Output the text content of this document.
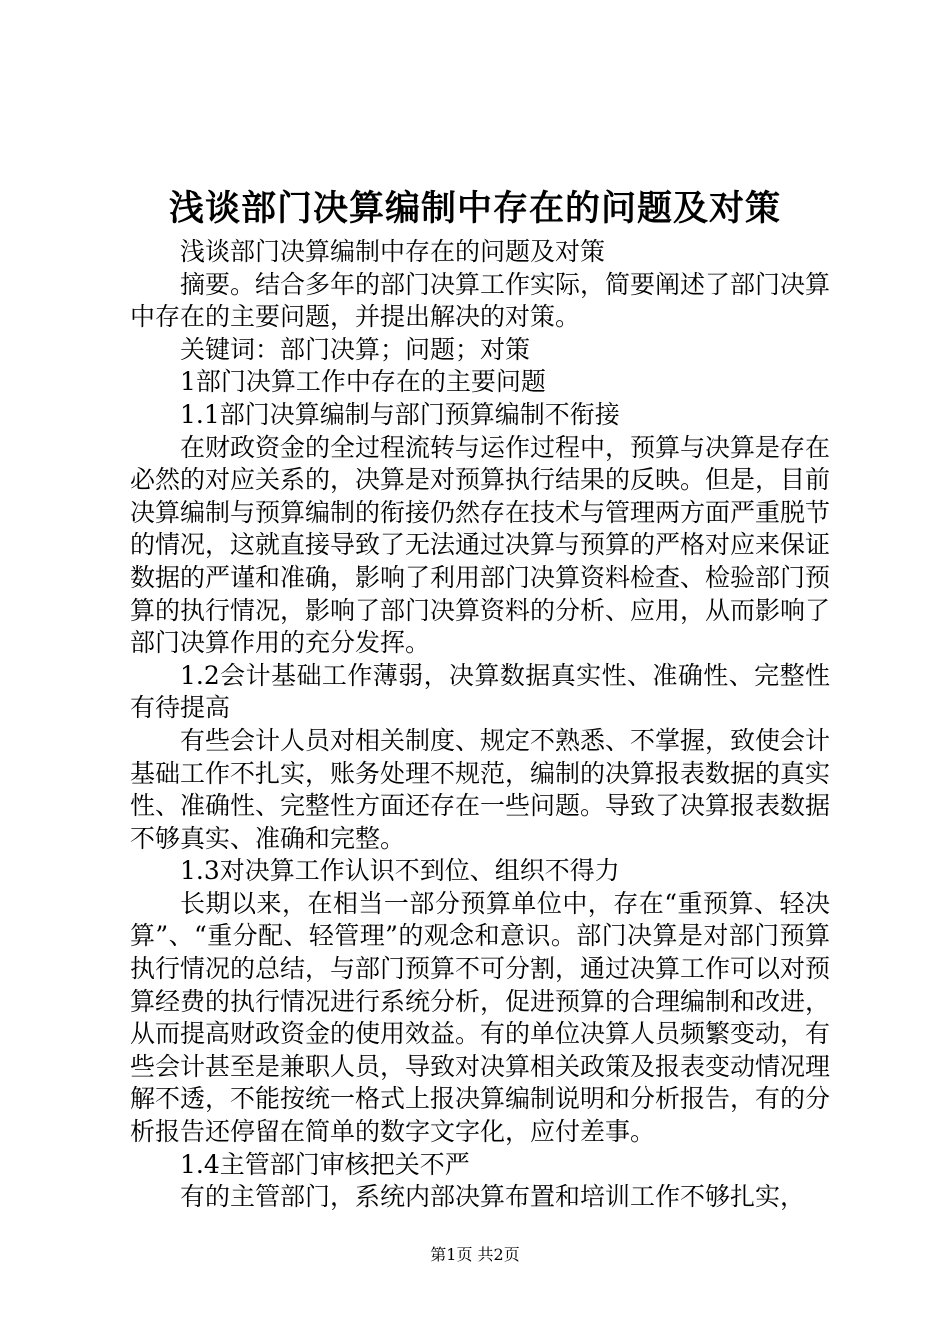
浅谈部门决算编制中存在的问题及对策

浅谈部门决算编制中存在的问题及对策

摘要。结合多年的部门决算工作实际，简要阐述了部门决算中存在的主要问题，并提出解决的对策。

关键词：部门决算；问题；对策

1部门决算工作中存在的主要问题

1.1部门决算编制与部门预算编制不衔接

在财政资金的全过程流转与运作过程中，预算与决算是存在必然的对应关系的，决算是对预算执行结果的反映。但是，目前决算编制与预算编制的衔接仍然存在技术与管理两方面严重脱节的情况，这就直接导致了无法通过决算与预算的严格对应来保证数据的严谨和准确，影响了利用部门决算资料检查、检验部门预算的执行情况，影响了部门决算资料的分析、应用，从而影响了部门决算作用的充分发挥。

1.2会计基础工作薄弱，决算数据真实性、准确性、完整性有待提高

有些会计人员对相关制度、规定不熟悉、不掌握，致使会计基础工作不扎实，账务处理不规范，编制的决算报表数据的真实性、准确性、完整性方面还存在一些问题。导致了决算报表数据不够真实、准确和完整。

1.3对决算工作认识不到位、组织不得力

长期以来，在相当一部分预算单位中，存在“重预算、轻决算”、“重分配、轻管理”的观念和意识。部门决算是对部门预算执行情况的总结，与部门预算不可分割，通过决算工作可以对预算经费的执行情况进行系统分析，促进预算的合理编制和改进，从而提高财政资金的使用效益。有的单位决算人员频繁变动，有些会计甚至是兼职人员，导致对决算相关政策及报表变动情况理解不透，不能按统一格式上报决算编制说明和分析报告，有的分析报告还停留在简单的数字文字化，应付差事。

1.4主管部门审核把关不严

有的主管部门，系统内部决算布置和培训工作不够扎实，

第1页 共2页
